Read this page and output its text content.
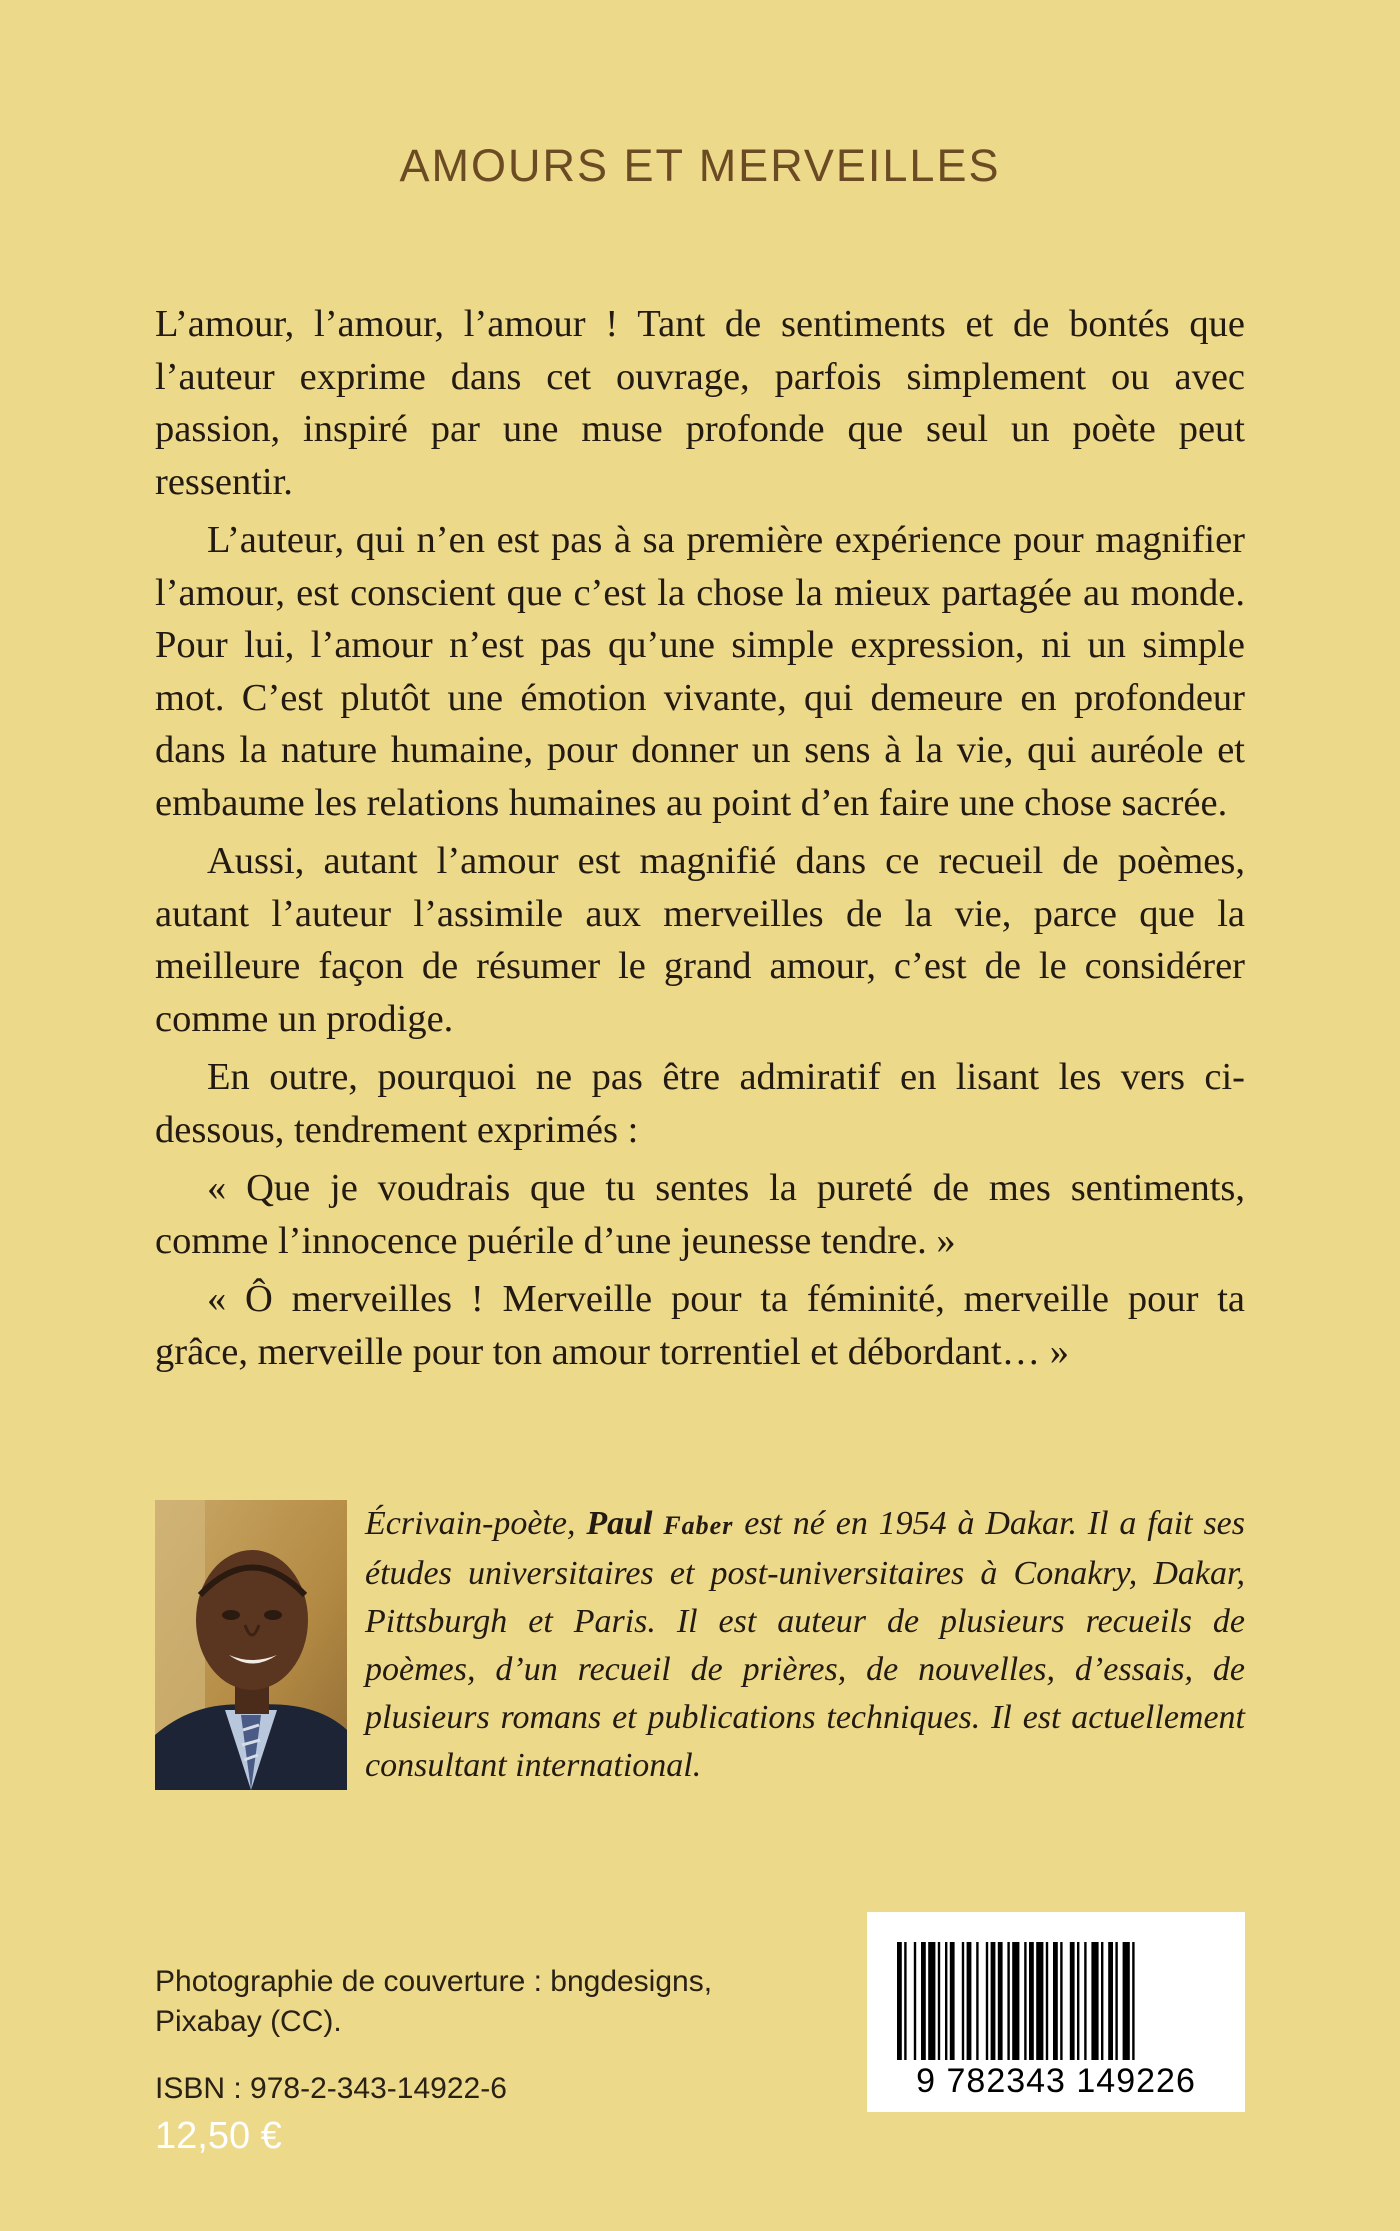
AMOURS ET MERVEILLES

L’amour, l’amour, l’amour ! Tant de sentiments et de bontés que l’auteur exprime dans cet ouvrage, parfois simplement ou avec passion, inspiré par une muse profonde que seul un poète peut ressentir.

L’auteur, qui n’en est pas à sa première expérience pour magnifier l’amour, est conscient que c’est la chose la mieux partagée au monde. Pour lui, l’amour n’est pas qu’une simple expression, ni un simple mot. C’est plutôt une émotion vivante, qui demeure en profondeur dans la nature humaine, pour donner un sens à la vie, qui auréole et embaume les relations humaines au point d’en faire une chose sacrée.

Aussi, autant l’amour est magnifié dans ce recueil de poèmes, autant l’auteur l’assimile aux merveilles de la vie, parce que la meilleure façon de résumer le grand amour, c’est de le considérer comme un prodige.

En outre, pourquoi ne pas être admiratif en lisant les vers ci-dessous, tendrement exprimés :

« Que je voudrais que tu sentes la pureté de mes sentiments, comme l’innocence puérile d’une jeunesse tendre. »

« Ô merveilles ! Merveille pour ta féminité, merveille pour ta grâce, merveille pour ton amour torrentiel et débordant… »

Écrivain-poète, Paul Faber est né en 1954 à Dakar. Il a fait ses études universitaires et post-universitaires à Conakry, Dakar, Pittsburgh et Paris. Il est auteur de plusieurs recueils de poèmes, d’un recueil de prières, de nouvelles, d’essais, de plusieurs romans et publications techniques. Il est actuellement consultant international.
Photographie de couverture : bngdesigns,
Pixabay (CC).
ISBN : 978-2-343-14922-6
12,50 €
9 782343 149226
